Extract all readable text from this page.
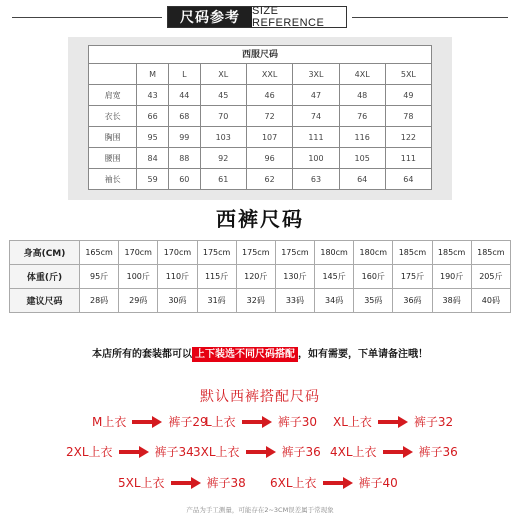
尺码参考	SIZE REFERENCE
西服尺码
	M	L	XL	XXL	3XL	4XL	5XL
肩宽	43	44	45	46	47	48	49
衣长	66	68	70	72	74	76	78
胸围	95	99	103	107	111	116	122
腰围	84	88	92	96	100	105	111
袖长	59	60	61	62	63	64	64
西裤尺码
身高(CM)	165cm	170cm	170cm	175cm	175cm	175cm	180cm	180cm	185cm	185cm	185cm
体重(斤)	95斤	100斤	110斤	115斤	120斤	130斤	145斤	160斤	175斤	190斤	205斤
建议尺码	28码	29码	30码	31码	32码	33码	34码	35码	36码	38码	40码
本店所有的套装都可以 上下装选不同尺码搭配 ，如有需要，下单请备注哦！
默认西裤搭配尺码
M上衣	裤子29
L上衣	裤子30 XL上衣	裤子32
2XL上衣	裤子34 3XL上衣	裤子36 4XL上衣	裤子36
5XL上衣	裤子38 6XL上衣	裤子40
产品为手工测量，可能存在2~3CM误差属于常现象
